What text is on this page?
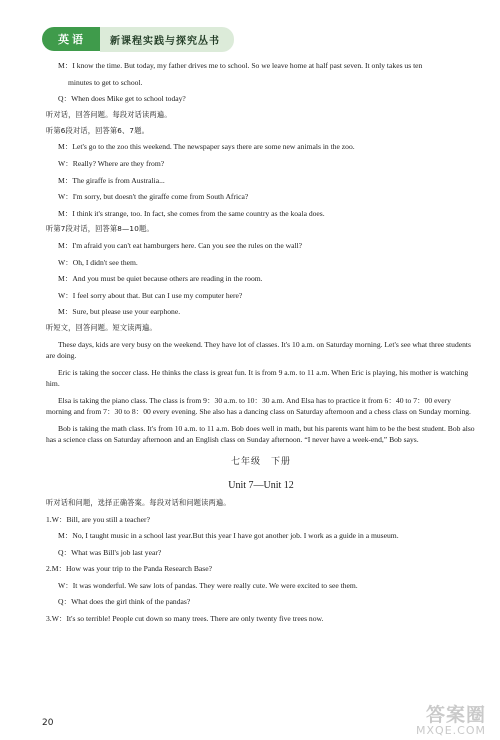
英语	新课程实践与探究丛书

M：I know the time. But today, my father drives me to school. So we leave home at half past seven. It only takes us ten

minutes to get to school.

Q：When does Mike get to school today?

听对话，回答问题。每段对话读两遍。

听第6段对话，回答第6、7题。

M：Let's go to the zoo this weekend. The newspaper says there are some new animals in the zoo.

W：Really? Where are they from?

M：The giraffe is from Australia...

W：I'm sorry, but doesn't the giraffe come from South Africa?

M：I think it's strange, too. In fact, she comes from the same country as the koala does.

听第7段对话，回答第8—10题。

M：I'm afraid you can't eat hamburgers here. Can you see the rules on the wall?

W：Oh, I didn't see them.

M：And you must be quiet because others are reading in the room.

W：I feel sorry about that. But can I use my computer here?

M：Sure, but please use your earphone.

听短文，回答问题。短文读两遍。

These days, kids are very busy on the weekend. They have lot of classes. It's 10 a.m. on Saturday morning. Let's see what three students are doing.

Eric is taking the soccer class. He thinks the class is great fun. It is from 9 a.m. to 11 a.m. When Eric is playing, his mother is watching him.

Elsa is taking the piano class. The class is from 9：30 a.m. to 10：30 a.m. And Elsa has to practice it from 6：40 to 7：00 every morning and from 7：30 to 8：00 every evening. She also has a dancing class on Saturday afternoon and a chess class on Sunday morning.

Bob is taking the math class. It's from 10 a.m. to 11 a.m. Bob does well in math, but his parents want him to be the best student. Bob also has a science class on Saturday afternoon and an English class on Sunday afternoon. “I never have a week-end,” Bob says.

七年级　下册

Unit 7—Unit 12

听对话和问题，选择正确答案。每段对话和问题读两遍。

1.W：Bill, are you still a teacher?

M：No, I taught music in a school last year.But this year I have got another job. I work as a guide in a museum.

Q：What was Bill's job last year?

2.M：How was your trip to the Panda Research Base?

W：It was wonderful. We saw lots of pandas. They were really cute. We were excited to see them.

Q：What does the girl think of the pandas?

3.W：It's so terrible! People cut down so many trees. There are only twenty five trees now.

20	答案圈
MXQE.COM
